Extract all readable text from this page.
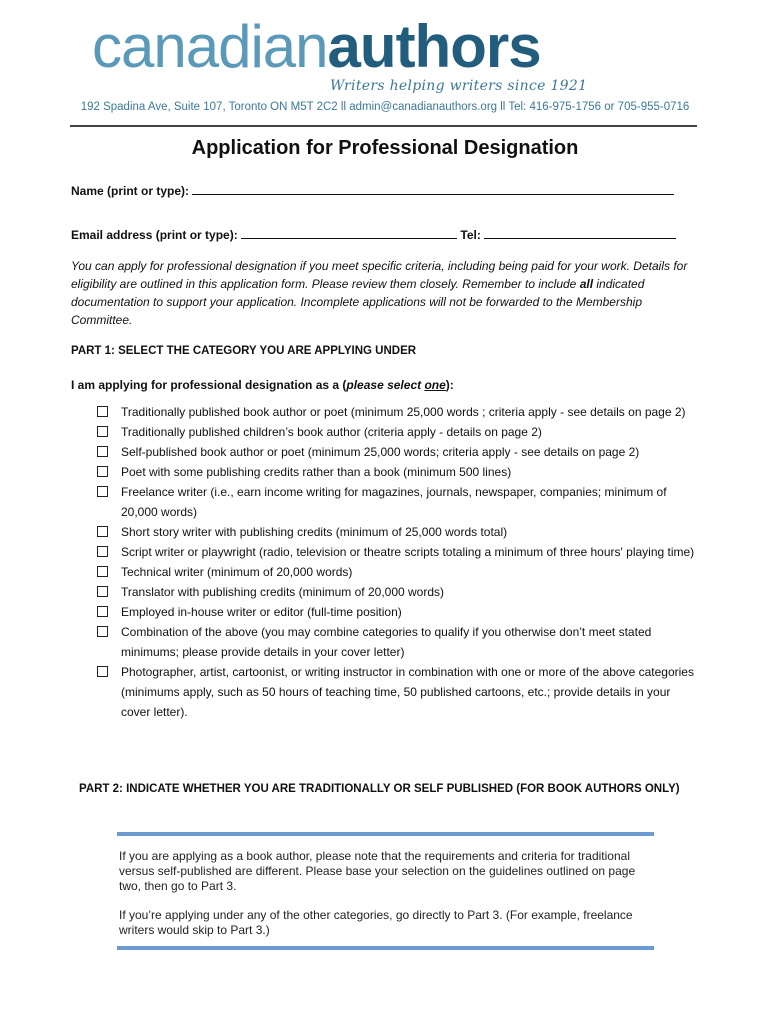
canadianauthors
Writers helping writers since 1921
192 Spadina Ave, Suite 107, Toronto ON M5T 2C2 ll admin@canadianauthors.org ll Tel: 416-975-1756 or 705-955-0716
Application for Professional Designation
Name (print or type):
Email address (print or type):	Tel:
You can apply for professional designation if you meet specific criteria, including being paid for your work. Details for eligibility are outlined in this application form. Please review them closely. Remember to include all indicated documentation to support your application. Incomplete applications will not be forwarded to the Membership Committee.
PART 1: SELECT THE CATEGORY YOU ARE APPLYING UNDER
I am applying for professional designation as a (please select one):
Traditionally published book author or poet (minimum 25,000 words ; criteria apply - see details on page 2)
Traditionally published children’s book author (criteria apply - details on page 2)
Self-published book author or poet (minimum 25,000 words; criteria apply - see details on page 2)
Poet with some publishing credits rather than a book (minimum 500 lines)
Freelance writer (i.e., earn income writing for magazines, journals, newspaper, companies; minimum of 20,000 words)
Short story writer with publishing credits (minimum of 25,000 words total)
Script writer or playwright (radio, television or theatre scripts totaling a minimum of three hours' playing time)
Technical writer (minimum of 20,000 words)
Translator with publishing credits (minimum of 20,000 words)
Employed in-house writer or editor (full-time position)
Combination of the above (you may combine categories to qualify if you otherwise don’t meet stated minimums; please provide details in your cover letter)
Photographer, artist, cartoonist, or writing instructor in combination with one or more of the above categories (minimums apply, such as 50 hours of teaching time, 50 published cartoons, etc.; provide details in your cover letter).
PART 2: INDICATE WHETHER YOU ARE TRADITIONALLY OR SELF PUBLISHED (FOR BOOK AUTHORS ONLY)

If you are applying as a book author, please note that the requirements and criteria for traditional versus self-published are different. Please base your selection on the guidelines outlined on page two, then go to Part 3.

If you’re applying under any of the other categories, go directly to Part 3. (For example, freelance writers would skip to Part 3.)
